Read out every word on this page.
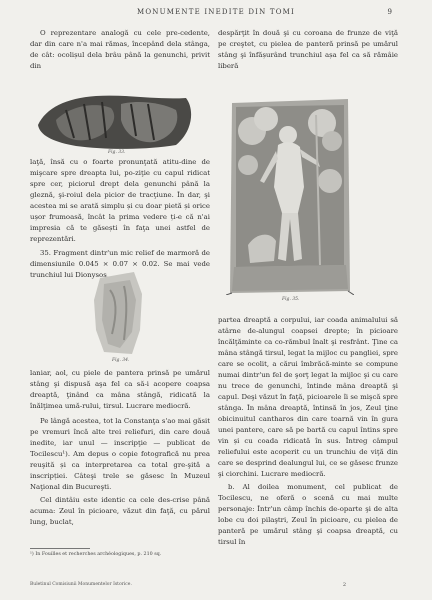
MONUMENTE INEDITE DIN TOMI	9

O reprezentare analogă cu cele pre-cedente, dar din care n'a mai rămas, începând dela stânga, de cât: ocolișul dela brâu până la genunchi, privit din

Fig. 33.

laţă, însă cu o foarte pronunţată atitu-dine de mişcare spre dreapta lui, po-ziţie cu capul ridicat spre cer, piciorul drept dela genunchi până la gleznă, şi-roiul dela picior de tracţiune. În dar, şi acestea mi se arată simplu și cu doar pietă și orice ușor frumoasă, încât la prima vedere ți-e că n'ai impresia că te găsești în faţa unei astfel de reprezentări.

35. Fragment dintr'un mic relief de marmoră de dimensiunile 0.045 × 0.07 × 0.02. Se mai vede trunchiul lui Dionysos,

Fig. 34.

laniar, aol, cu piele de pantera prinsă pe umărul stâng şi dispusă aşa fel ca să-i acopere coapsa dreaptă, ţinând ca mâna stângă, ridicată la înălţimea umă-rului, tirsul. Lucrare mediocră.

Pe lângă acestea, tot la Constanţa s'ao mai găsit pe vremuri încă alte trei reliefuri, din care două inedite, iar unul — inscripţie — publicat de Tocilescu¹). Am depus o copie fotografică nu prea reuşită și ca interpretarea ca total gre-şită a inscripției. Câteşi trele se găsesc în Muzeul Naţional din Bucureşti.

Cel dintâiu este identic ca cele des-crise până acuma: Zeul în picioare, văzut din faţă, cu părul lung, buclat,

despărţit în două şi cu coroana de frunze de viţă pe creştet, cu pielea de panteră prinsă pe umărul stâng şi înfășurând trunchiul așa fel ca să rămâie liberă

Fig. 35.

partea dreaptă a corpului, iar coada animalului să atârne de-alungul coapsei drepte; în picioare încălţăminte ca co-rămbul înalt şi resfrânt. Ţine ca mâna stângă tirsul, legat la mijloc cu pangliei, spre care se ocolit, a cărui îmbrăcă-minte se compune numai dintr'un fel de şorţ legat la mijloc şi cu care nu trece de genunchi, întinde mâna dreaptă şi capul. Deşi văzut în faţă, picioarele îi se mişcă spre stânga. În mâna dreaptă, întinsă în jos, Zeul ţine obicinuitul cantharos din care toarnă vin în gura unei pantere, care să pe bartă cu capul întins spre vin și cu coada ridicată în sus. Întreg câmpul reliefului este acoperit cu un trunchiu de viţă din care se desprind dealungul lui, ce se găsesc frunze şi ciorchini. Lucrare mediocră.

b. Al doilea monument, cel publicat de Tocilescu, ne oferă o scenă cu mai multe personaje: Într'un câmp închis de-oparte şi de alta lobe cu doi pilaştri, Zeul în picioare, cu pielea de panteră pe umărul stâng şi coapsa dreaptă, cu tirsul în

¹) In Fouilles et recherches archéologiques, p. 210 sq.
Buletinul Comisiunii Monumentelor Istorice.	2
